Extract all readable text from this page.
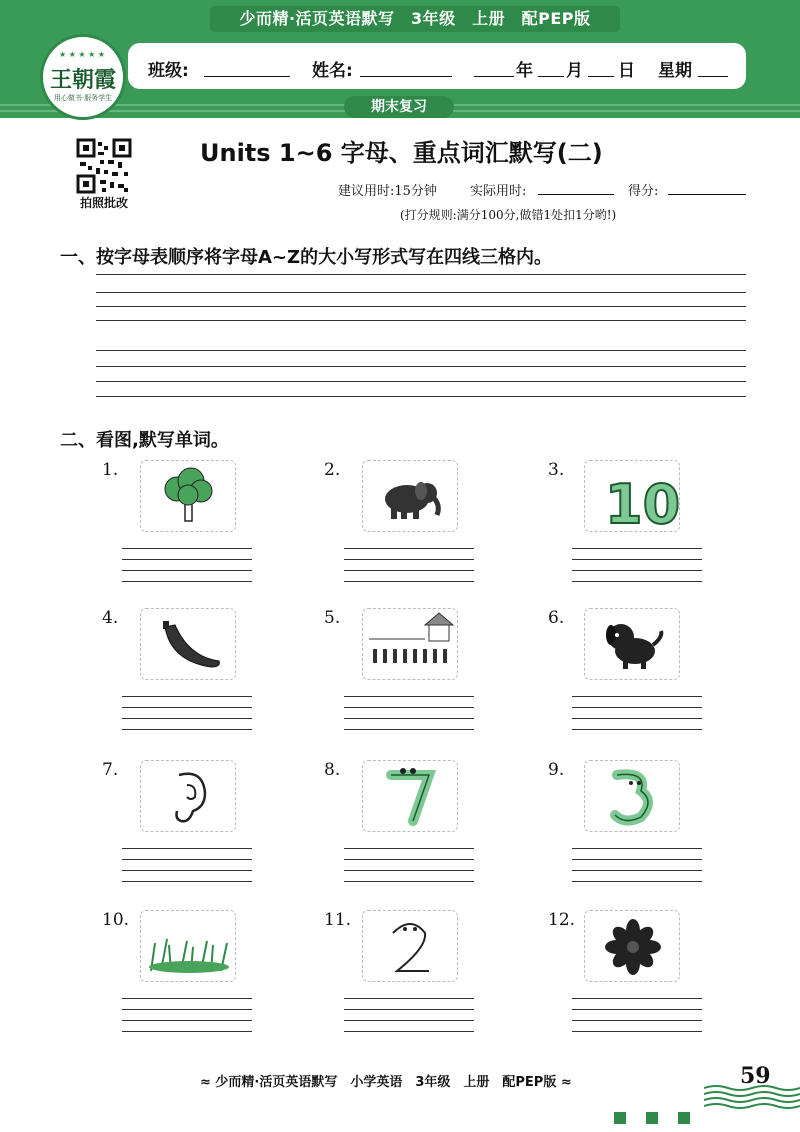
少而精·活页英语默写　3年级　上册　配PEP版
班级:	姓名:	年 月 日 星期
期末复习
★ ★ ★ ★ ★
王朝霞
用心做书·服务学生
拍照批改
Units 1~6 字母、重点词汇默写(二)
建议用时:15分钟	实际用时:	得分:
(打分规则:满分100分,做错1处扣1分哟!)
一、按字母表顺序将字母A~Z的大小写形式写在四线三格内。
二、看图,默写单词。
1.	2.	3.
10
4.	5.	6.
7.	8.	9.
10.	11.	12.
≈ 少而精·活页英语默写　小学英语　3年级　上册　配PEP版 ≈	59
